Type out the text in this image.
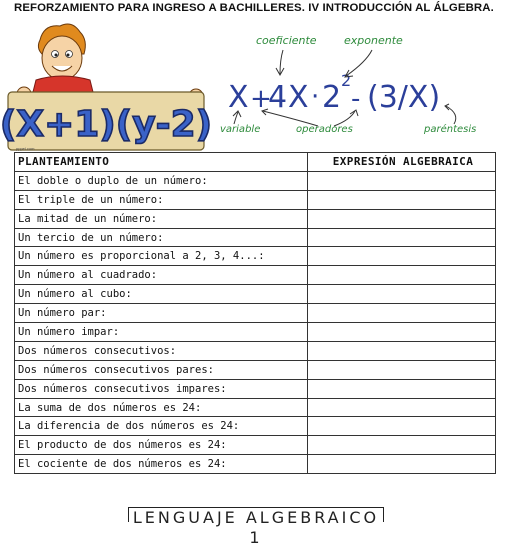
REFORZAMIENTO PARA INGRESO A BACHILLERES. IV INTRODUCCIÓN AL ÁLGEBRA.
(X+1)(y-2)
X +
4 X · 2 2
- (3/X)
coeficiente exponente
variable	operadores	paréntesis
pppel.com
PLANTEAMIENTO	EXPRESIÓN ALGEBRAICA
El doble o duplo de un número:	
El triple de un número:	
La mitad de un número:	
Un tercio de un número:	
Un número es proporcional a 2, 3, 4...:	
Un número al cuadrado:	
Un número al cubo:	
Un número par:	
Un número impar:	
Dos números consecutivos:	
Dos números consecutivos pares:	
Dos números consecutivos impares:	
La suma de dos números es 24:	
La diferencia de dos números es 24:	
El producto de dos números es 24:	
El cociente de dos números es 24:	
LENGUAJE ALGEBRAICO 1
